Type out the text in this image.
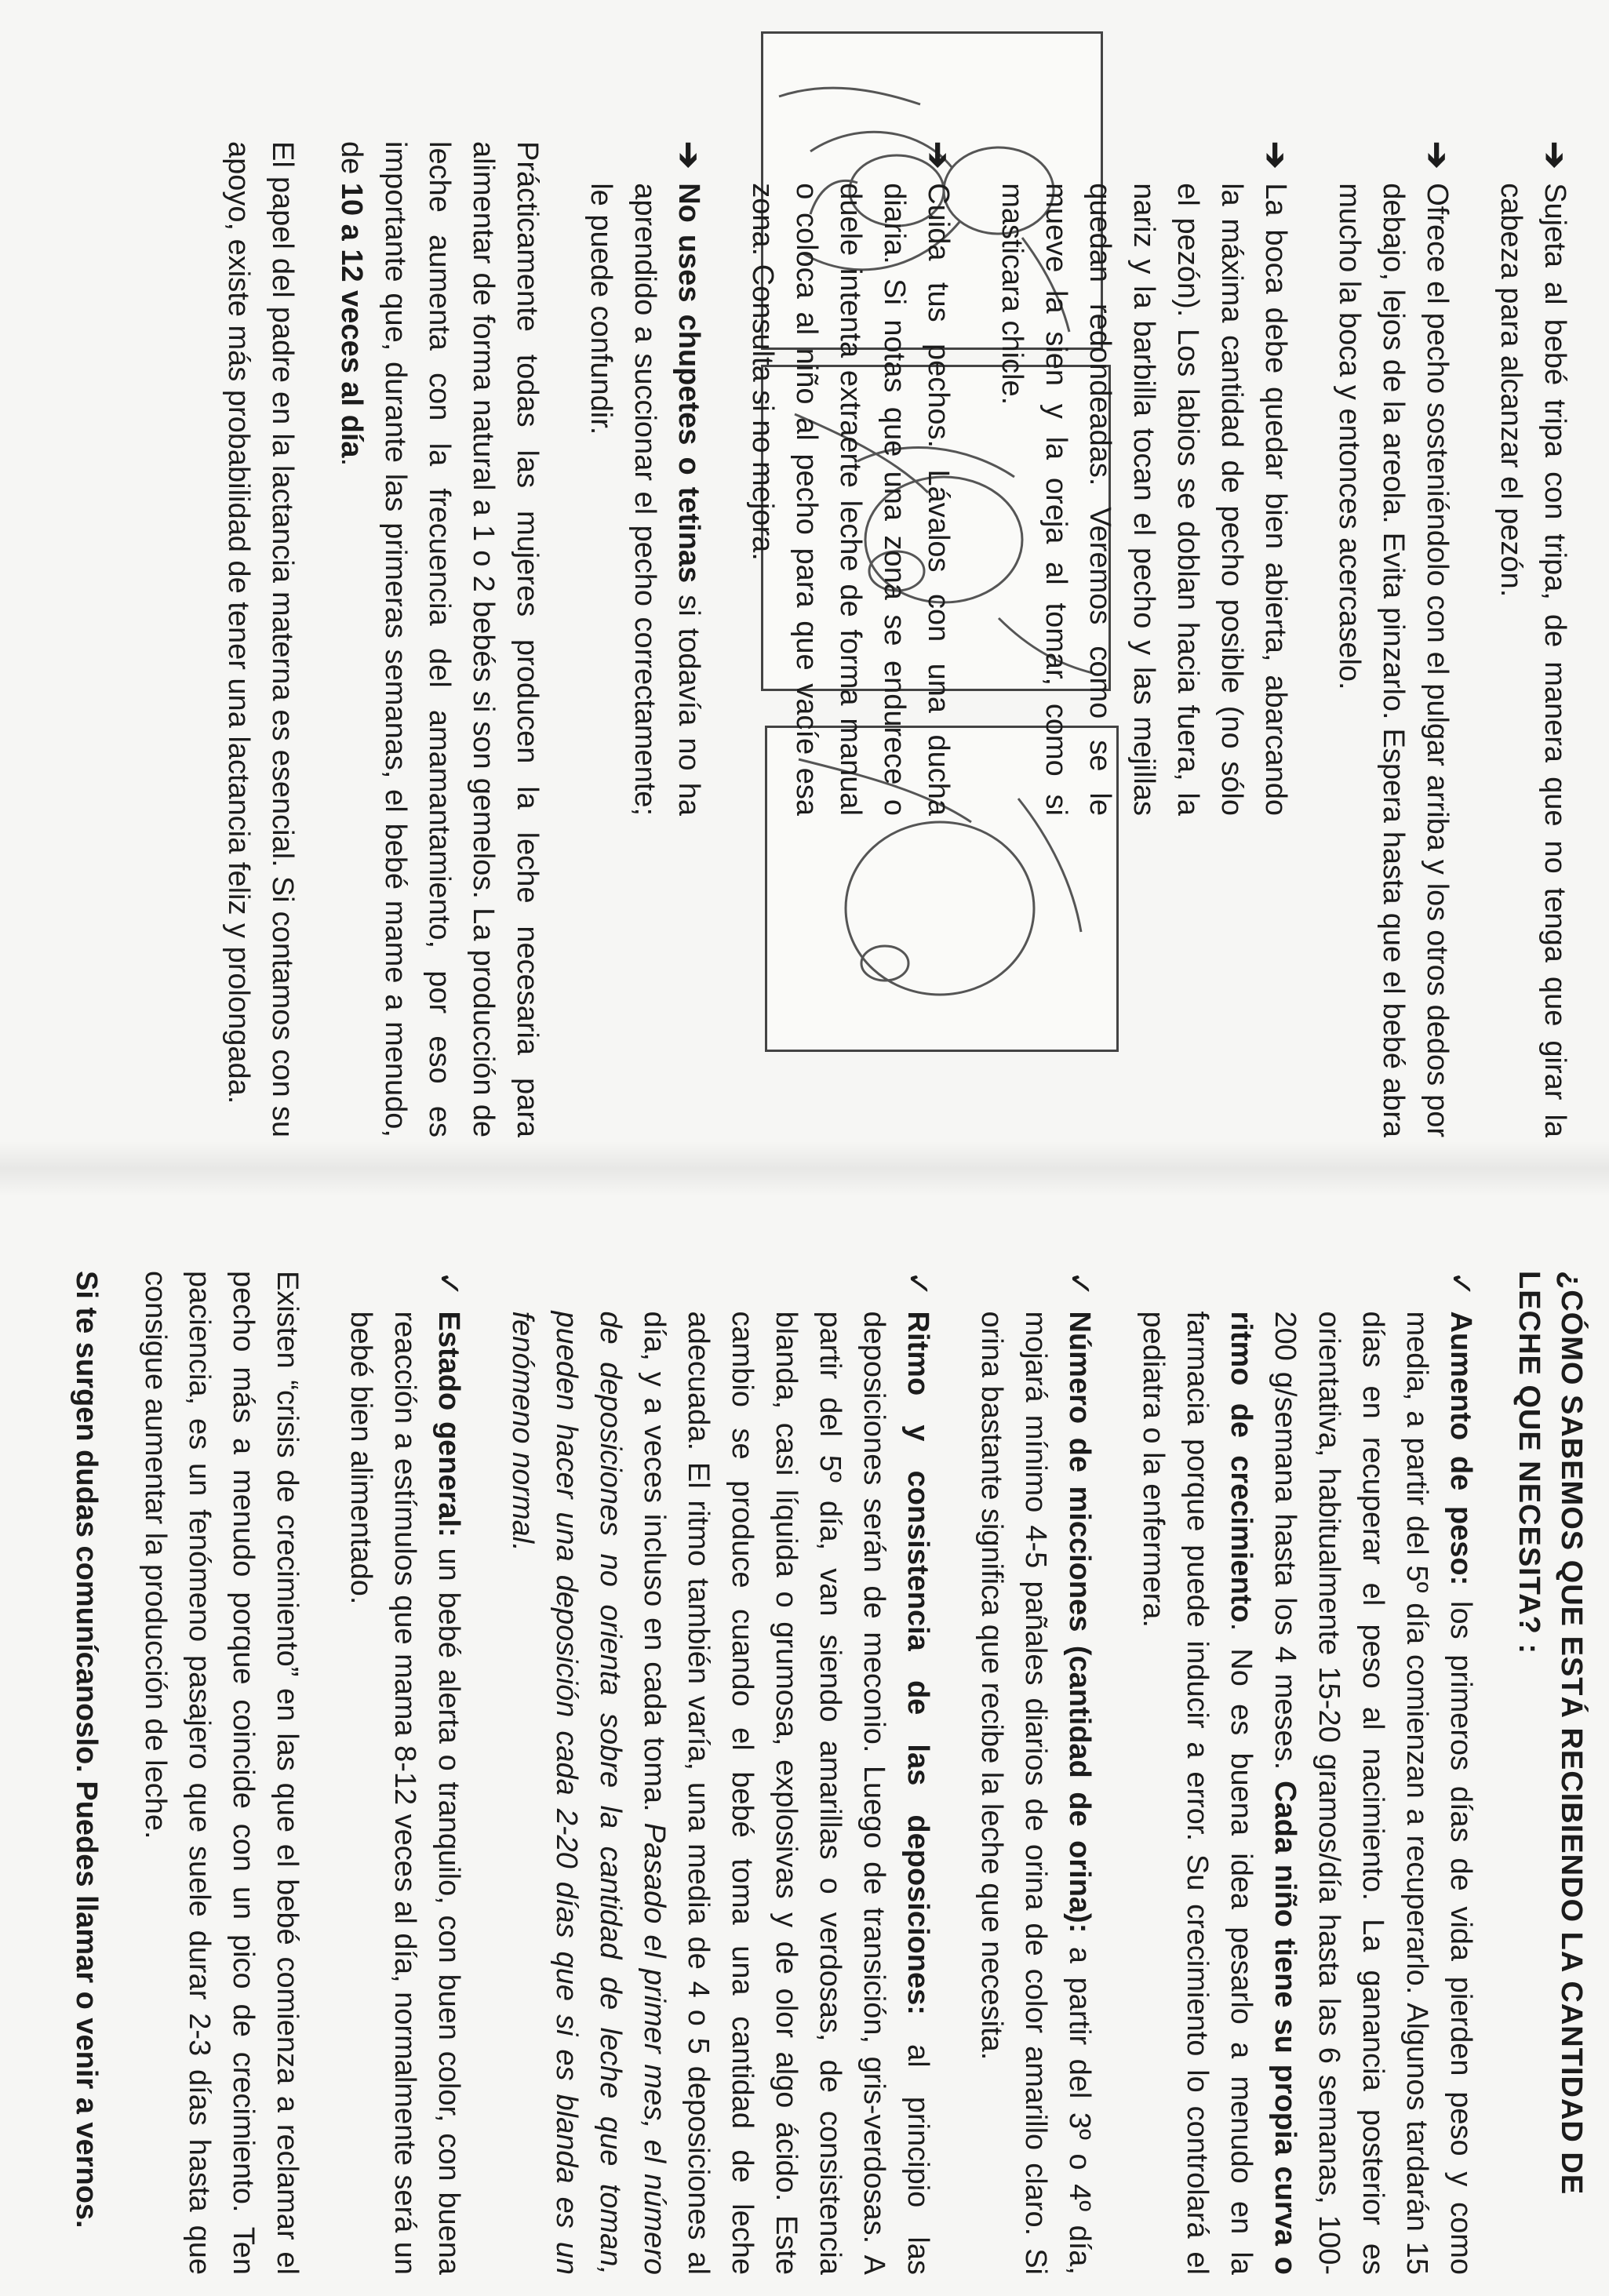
➔
Sujeta al bebé tripa con tripa, de manera que no tenga que girar la cabeza para alcanzar el pezón.
➔
Ofrece el pecho sosteniéndolo con el pulgar arriba y los otros dedos por debajo, lejos de la areola. Evita pinzarlo. Espera hasta que el bebé abra mucho la boca y entonces acercaselo.
➔
La boca debe quedar bien abierta, abarcando la máxima cantidad de pecho posible (no sólo el pezón). Los labios se doblan hacia fuera, la nariz y la barbilla tocan el pecho y las mejillas quedan redondeadas. Veremos como se le mueve la sien y la oreja al tomar, como si masticara chicle.
➔
Cuida tus pechos. Lávalos con una ducha diaria. Si notas que una zona se endurece o duele intenta extraerte leche de forma manual o coloca al niño al pecho para que vacíe esa zona. Consulta si no mejora.
➔
No uses chupetes o tetinas si todavía no ha aprendido a succionar el pecho correctamente; le puede confundir.

Prácticamente todas las mujeres producen la leche necesaria para alimentar de forma natural a 1 o 2 bebés si son gemelos. La producción de leche aumenta con la frecuencia del amamantamiento, por eso es importante que, durante las primeras semanas, el bebé mame a menudo, de 10 a 12 veces al día.

El papel del padre en la lactancia materna es esencial. Si contamos con su apoyo, existe más probabilidad de tener una lactancia feliz y prolongada.

¿CÓMO SABEMOS QUE ESTÁ RECIBIENDO LA CANTIDAD DE LECHE QUE NECESITA? :
✓
Aumento de peso: los primeros días de vida pierden peso y como media, a partir del 5º día comienzan a recuperarlo. Algunos tardarán 15 días en recuperar el peso al nacimiento. La ganancia posterior es orientativa, habitualmente 15-20 gramos/día hasta las 6 semanas, 100-200 g/semana hasta los 4 meses. Cada niño tiene su propia curva o ritmo de crecimiento. No es buena idea pesarlo a menudo en la farmacia porque puede inducir a error. Su crecimiento lo controlará el pediatra o la enfermera.
✓
Número de micciones (cantidad de orina): a partir del 3º o 4º día, mojará mínimo 4-5 pañales diarios de orina de color amarillo claro. Si orina bastante significa que recibe la leche que necesita.
✓
Ritmo y consistencia de las deposiciones: al principio las deposiciones serán de meconio. Luego de transición, gris-verdosas. A partir del 5º día, van siendo amarillas o verdosas, de consistencia blanda, casi líquida o grumosa, explosivas y de olor algo ácido. Este cambio se produce cuando el bebé toma una cantidad de leche adecuada. El ritmo también varía, una media de 4 o 5 deposiciones al día, y a veces incluso en cada toma. Pasado el primer mes, el número de deposiciones no orienta sobre la cantidad de leche que toman, pueden hacer una deposición cada 2-20 días que si es blanda es un fenómeno normal.
✓
Estado general: un bebé alerta o tranquilo, con buen color, con buena reacción a estímulos que mama 8-12 veces al día, normalmente será un bebé bien alimentado.

Existen “crisis de crecimiento” en las que el bebé comienza a reclamar el pecho más a menudo porque coincide con un pico de crecimiento. Ten paciencia, es un fenómeno pasajero que suele durar 2-3 días hasta que consigue aumentar la producción de leche.

Si te surgen dudas comunícanoslo. Puedes llamar o venir a vernos.
